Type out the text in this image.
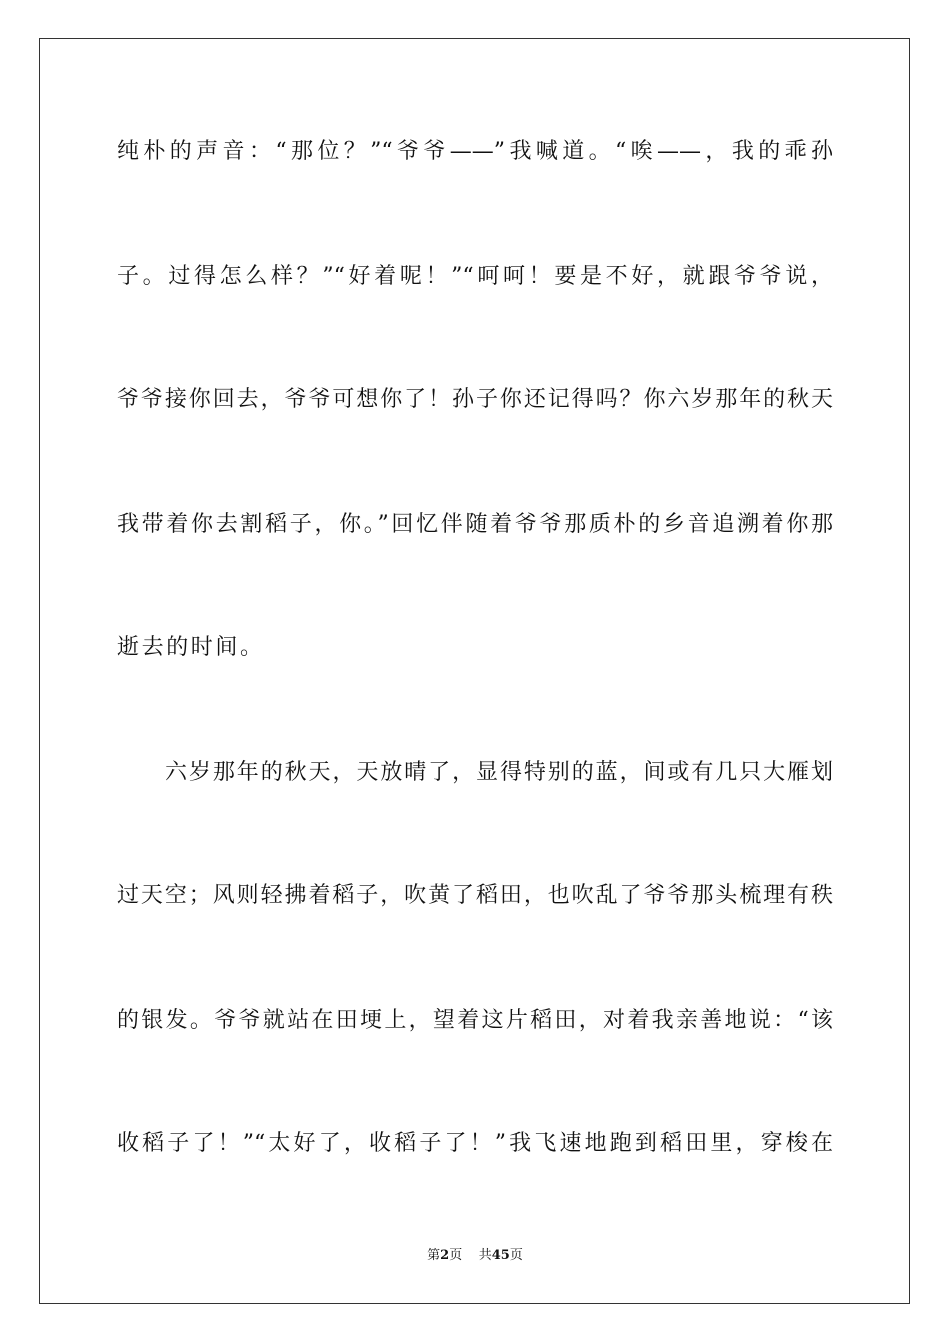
纯朴的声音：“那位？”“爷爷——”我喊道。“唉——，我的乖孙
子。过得怎么样？”“好着呢！”“呵呵！要是不好，就跟爷爷说，
爷爷接你回去，爷爷可想你了！孙子你还记得吗？你六岁那年的秋天
我带着你去割稻子，你。”回忆伴随着爷爷那质朴的乡音追溯着你那
逝去的时间。
六岁那年的秋天，天放晴了，显得特别的蓝，间或有几只大雁划
过天空；风则轻拂着稻子，吹黄了稻田，也吹乱了爷爷那头梳理有秩
的银发。爷爷就站在田埂上，望着这片稻田，对着我亲善地说：“该
收稻子了！”“太好了，收稻子了！”我飞速地跑到稻田里，穿梭在
第2页 共45页
